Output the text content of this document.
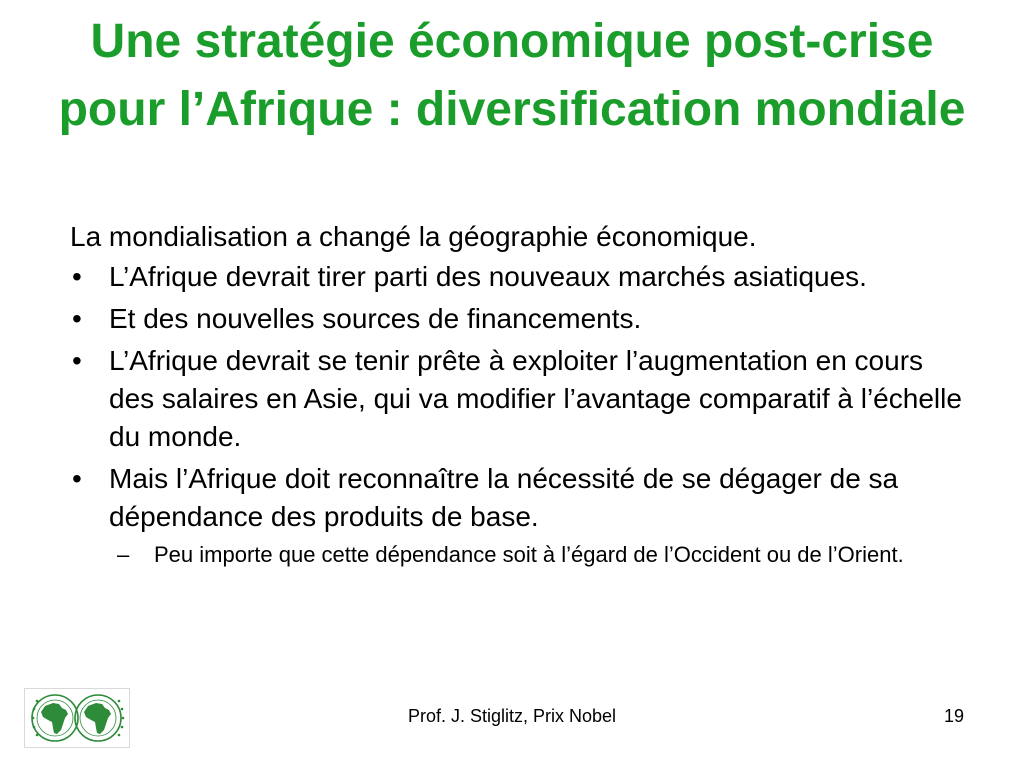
Une stratégie économique post-crise pour l’Afrique : diversification mondiale

La mondialisation a changé la géographie économique.

• L’Afrique devrait tirer parti des nouveaux marchés asiatiques.
• Et des nouvelles sources de financements.
• L’Afrique devrait se tenir prête à exploiter l’augmentation en cours des salaires en Asie, qui va modifier l’avantage comparatif à l’échelle du monde.
• Mais l’Afrique doit reconnaître la nécessité de se dégager de sa dépendance des produits de base.
– Peu importe que cette dépendance soit à l’égard de l’Occident ou de l’Orient.
Prof. J. Stiglitz, Prix Nobel	19
